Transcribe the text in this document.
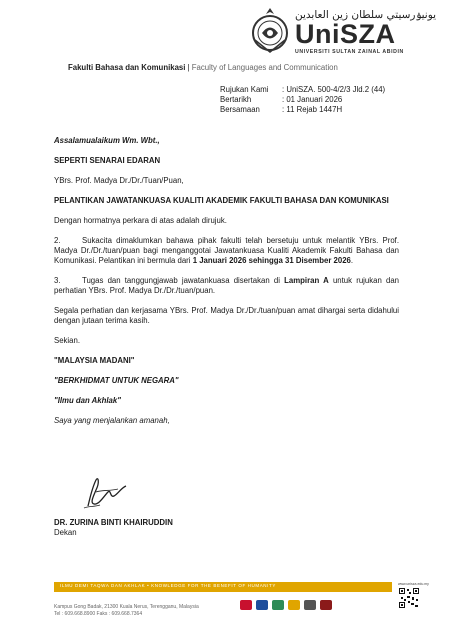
يونيۏرسيتي سلطان زين العابدين
UniSZA
UNIVERSITI SULTAN ZAINAL ABIDIN
Fakulti Bahasa dan Komunikasi | Faculty of Languages and Communication
Rujukan Kami	: UniSZA. 500-4/2/3 Jld.2 (44)
Bertarikh	: 01 Januari 2026
Bersamaan	: 11 Rejab 1447H

Assalamualaikum Wm. Wbt.,

SEPERTI SENARAI EDARAN

YBrs. Prof. Madya Dr./Dr./Tuan/Puan,

PELANTIKAN JAWATANKUASA KUALITI AKADEMIK FAKULTI BAHASA DAN KOMUNIKASI

Dengan hormatnya perkara di atas adalah dirujuk.

2.	Sukacita dimaklumkan bahawa pihak fakulti telah bersetuju untuk melantik YBrs. Prof. Madya Dr./Dr./tuan/puan bagi menganggotai Jawatankuasa Kualiti Akademik Fakulti Bahasa dan Komunikasi. Pelantikan ini bermula dari 1 Januari 2026 sehingga 31 Disember 2026.

3.	Tugas dan tanggungjawab jawatankuasa disertakan di Lampiran A untuk rujukan dan perhatian YBrs. Prof. Madya Dr./Dr./tuan/puan.

Segala perhatian dan kerjasama YBrs. Prof. Madya Dr./Dr./tuan/puan amat dihargai serta didahului dengan jutaan terima kasih.

Sekian.

"MALAYSIA MADANI"

"BERKHIDMAT UNTUK NEGARA"

"Ilmu dan Akhlak"

Saya yang menjalankan amanah,

DR. ZURINA BINTI KHAIRUDDIN
Dekan
ILMU DEMI TAQWA DAN AKHLAK • KNOWLEDGE FOR THE BENEFIT OF HUMANITY
Kampus Gong Badak, 21300 Kuala Nerus, Terengganu, Malaysia
Tel : 609.668.8900 Faks : 609.668.7364
www.unisza.edu.my
